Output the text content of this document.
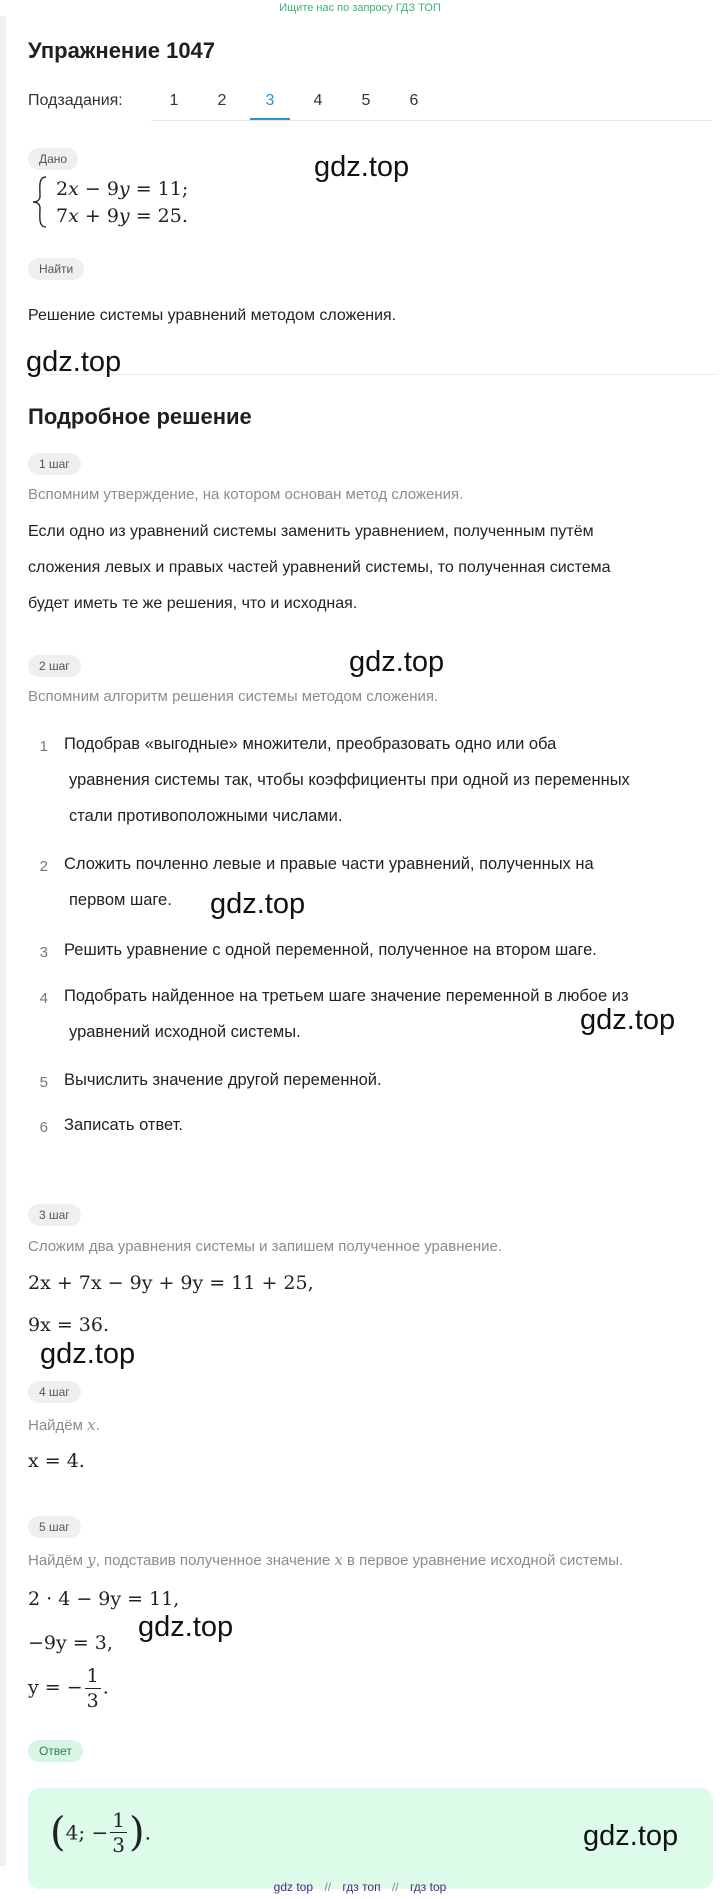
Ищите нас по запросу ГДЗ ТОП
Упражнение 1047
Подзадания:	1	2	3	4	5	6
Дано
2x − 9y = 11;
7x + 9y = 25.
gdz.top
Найти
Решение системы уравнений методом сложения.
gdz.top
Подробное решение
1 шаг
Вспомним утверждение, на котором основан метод сложения.
Если одно из уравнений системы заменить уравнением, полученным путём
сложения левых и правых частей уравнений системы, то полученная система
будет иметь те же решения, что и исходная.
2 шаг	gdz.top
Вспомним алгоритм решения системы методом сложения.
1 Подобрав «выгодные» множители, преобразовать одно или оба
уравнения системы так, чтобы коэффициенты при одной из переменных
стали противоположными числами.
2 Сложить почленно левые и правые части уравнений, полученных на
первом шаге. gdz.top
3 Решить уравнение с одной переменной, полученное на втором шаге.
4 Подобрать найденное на третьем шаге значение переменной в любое из
уравнений исходной системы.	gdz.top
5 Вычислить значение другой переменной.
6 Записать ответ.
3 шаг
Сложим два уравнения системы и запишем полученное уравнение.
2x + 7x − 9y + 9y = 11 + 25,
9x = 36.
gdz.top
4 шаг
Найдём x.
x = 4.
5 шаг
Найдём y, подставив полученное значение x в первое уравнение исходной системы.
2 · 4 − 9y = 11,
−9y = 3, gdz.top
y = − $\frac{1}{3}$ .
Ответ
(4; − $\frac{1}{3}$ ).	gdz.top
gdz top // гдз топ // гдз top
